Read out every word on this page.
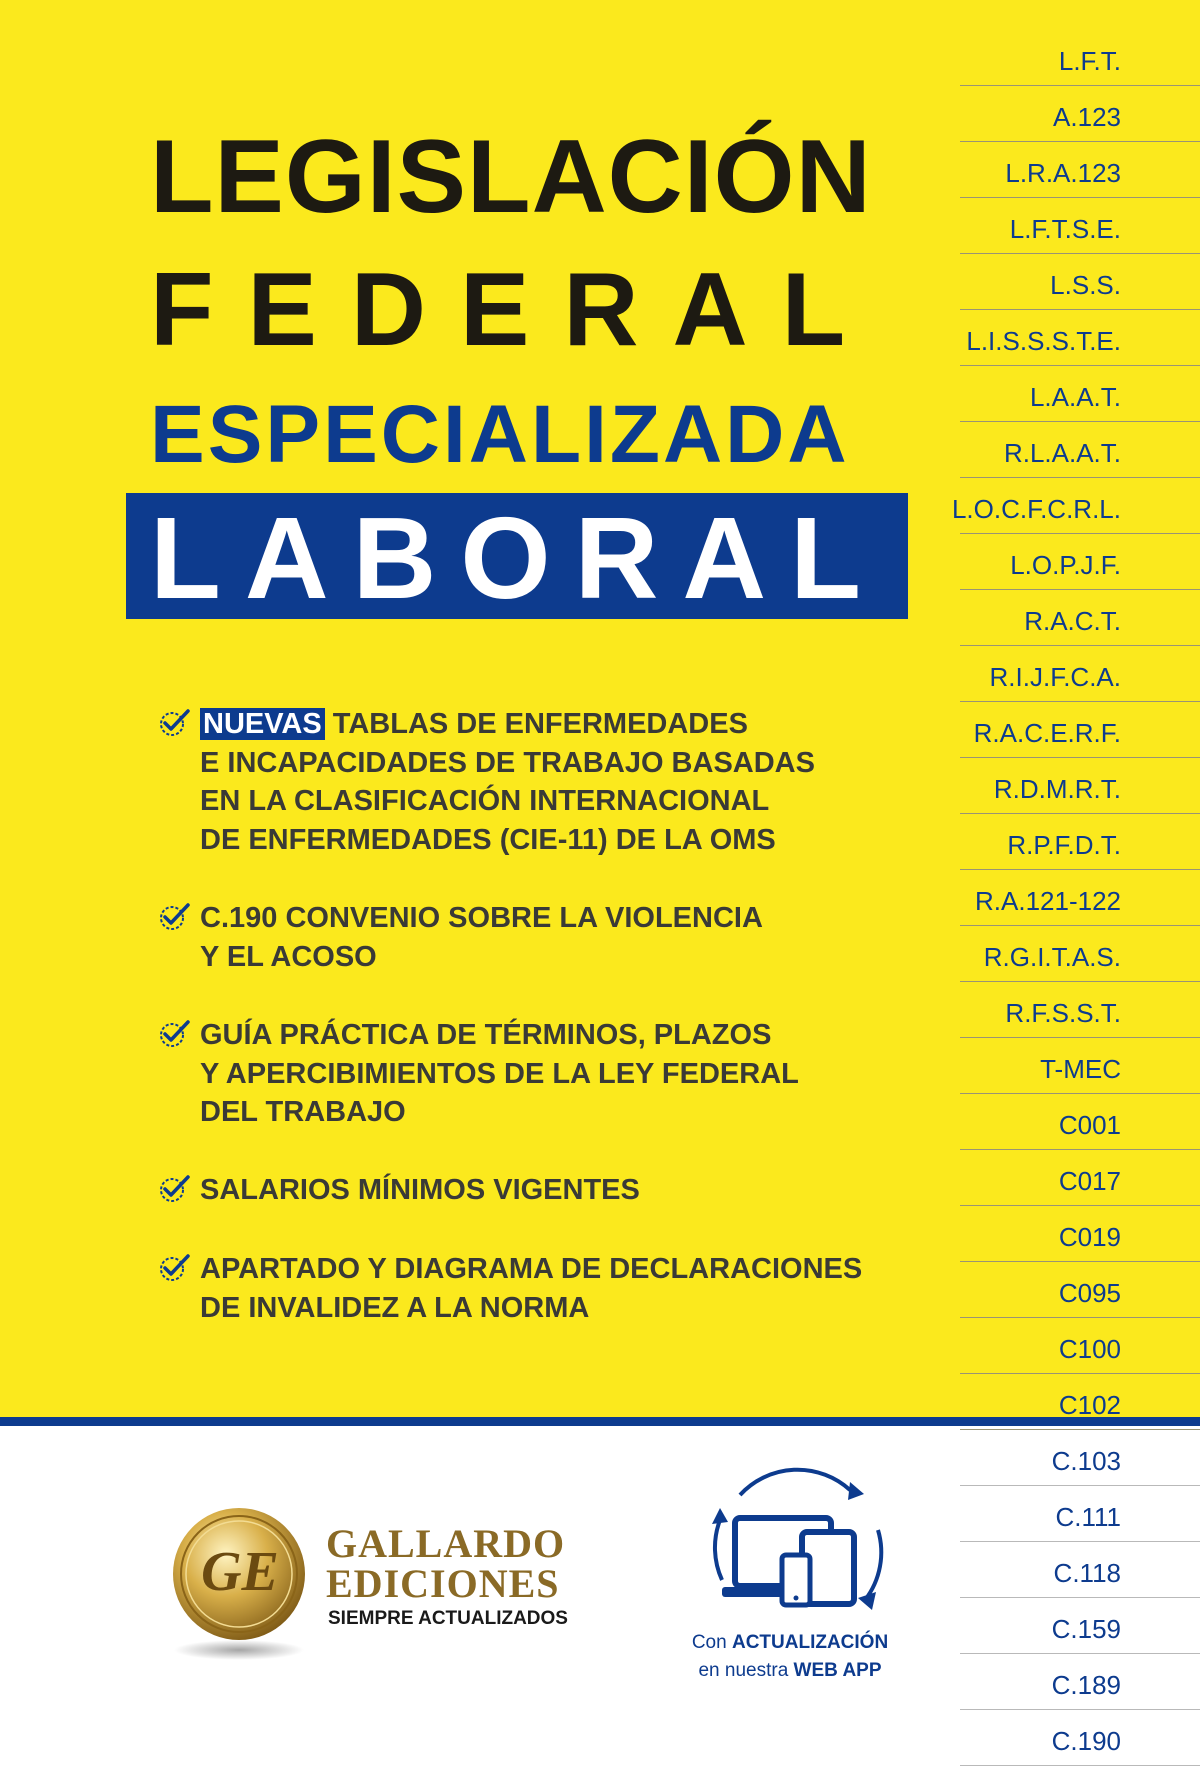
LEGISLACIÓN
FEDERAL
ESPECIALIZADA
LABORAL
NUEVAS TABLAS DE ENFERMEDADES
E INCAPACIDADES DE TRABAJO BASADAS
EN LA CLASIFICACIÓN INTERNACIONAL
DE ENFERMEDADES (CIE-11) DE LA OMS
C.190 CONVENIO SOBRE LA VIOLENCIA
Y EL ACOSO
GUÍA PRÁCTICA DE TÉRMINOS, PLAZOS
Y APERCIBIMIENTOS DE LA LEY FEDERAL
DEL TRABAJO
SALARIOS MÍNIMOS VIGENTES
APARTADO Y DIAGRAMA DE DECLARACIONES
DE INVALIDEZ A LA NORMA
L.F.T.
A.123
L.R.A.123
L.F.T.S.E.
L.S.S.
L.I.S.S.S.T.E.
L.A.A.T.
R.L.A.A.T.
L.O.C.F.C.R.L.
L.O.P.J.F.
R.A.C.T.
R.I.J.F.C.A.
R.A.C.E.R.F.
R.D.M.R.T.
R.P.F.D.T.
R.A.121-122
R.G.I.T.A.S.
R.F.S.S.T.
T-MEC
C001
C017
C019
C095
C100
C102
C.103
C.111
C.118
C.159
C.189
C.190
GE GALLARDO
EDICIONES
SIEMPRE ACTUALIZADOS
Con ACTUALIZACIÓN
en nuestra WEB APP
